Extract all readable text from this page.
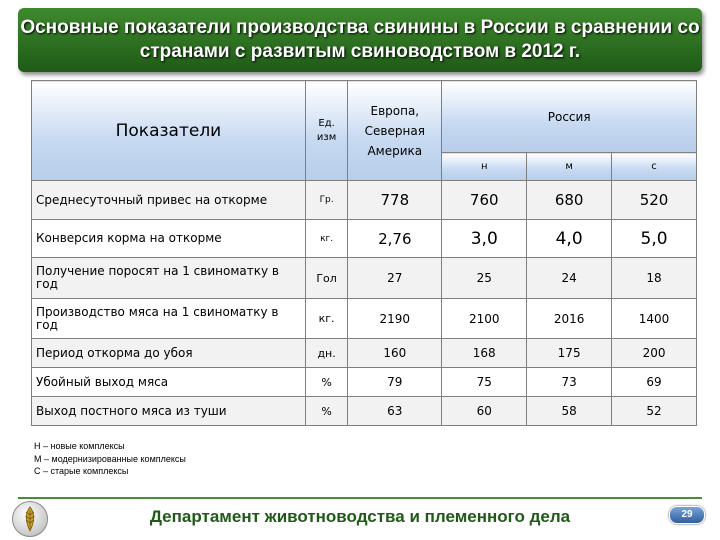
Основные показатели производства свинины в России в сравнении со странами с развитым свиноводством в 2012 г.
Показатели	Ед. изм	Европа, Северная Америка	Россия		
			н	м	с
Среднесуточный привес на откорме	Гр.	778	760	680	520
Конверсия корма на откорме	кг.	2,76	3,0	4,0	5,0
Получение поросят на 1 свиноматку в год	Гол	27	25	24	18
Производство мяса на 1 свиноматку в год	кг.	2190	2100	2016	1400
Период откорма до убоя	дн.	160	168	175	200
Убойный выход мяса	%	79	75	73	69
Выход постного мяса из туши	%	63	60	58	52
Н – новые комплексы
М – модернизированные комплексы
С – старые комплексы
Департамент животноводства и племенного дела	29
